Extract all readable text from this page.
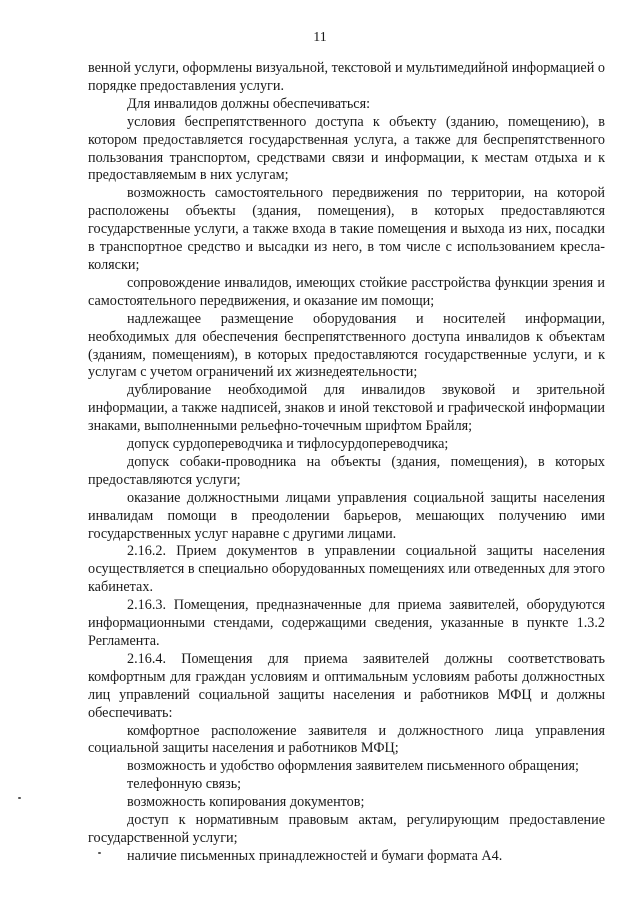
11

венной услуги, оформлены визуальной, текстовой и мультимедийной информацией о порядке предоставления услуги.

Для инвалидов должны обеспечиваться:

условия беспрепятственного доступа к объекту (зданию, помещению), в котором предоставляется государственная услуга, а также для беспрепятственного пользования транспортом, средствами связи и информации, к местам отдыха и к предоставляемым в них услугам;

возможность самостоятельного передвижения по территории, на которой расположены объекты (здания, помещения), в которых предоставляются государственные услуги, а также входа в такие помещения и выхода из них, посадки в транспортное средство и высадки из него, в том числе с использованием кресла-коляски;

сопровождение инвалидов, имеющих стойкие расстройства функции зрения и самостоятельного передвижения, и оказание им помощи;

надлежащее размещение оборудования и носителей информации, необходимых для обеспечения беспрепятственного доступа инвалидов к объектам (зданиям, помещениям), в которых предоставляются государственные услуги, и к услугам с учетом ограничений их жизнедеятельности;

дублирование необходимой для инвалидов звуковой и зрительной информации, а также надписей, знаков и иной текстовой и графической информации знаками, выполненными рельефно-точечным шрифтом Брайля;

допуск сурдопереводчика и тифлосурдопереводчика;

допуск собаки-проводника на объекты (здания, помещения), в которых предоставляются услуги;

оказание должностными лицами управления социальной защиты населения инвалидам помощи в преодолении барьеров, мешающих получению ими государственных услуг наравне с другими лицами.

2.16.2. Прием документов в управлении социальной защиты населения осуществляется в специально оборудованных помещениях или отведенных для этого кабинетах.

2.16.3. Помещения, предназначенные для приема заявителей, оборудуются информационными стендами, содержащими сведения, указанные в пункте 1.3.2 Регламента.

2.16.4. Помещения для приема заявителей должны соответствовать комфортным для граждан условиям и оптимальным условиям работы должностных лиц управлений социальной защиты населения и работников МФЦ и должны обеспечивать:

комфортное расположение заявителя и должностного лица управления социальной защиты населения и работников МФЦ;

возможность и удобство оформления заявителем письменного обращения;

телефонную связь;

возможность копирования документов;

доступ к нормативным правовым актам, регулирующим предоставление государственной услуги;

наличие письменных принадлежностей и бумаги формата А4.
